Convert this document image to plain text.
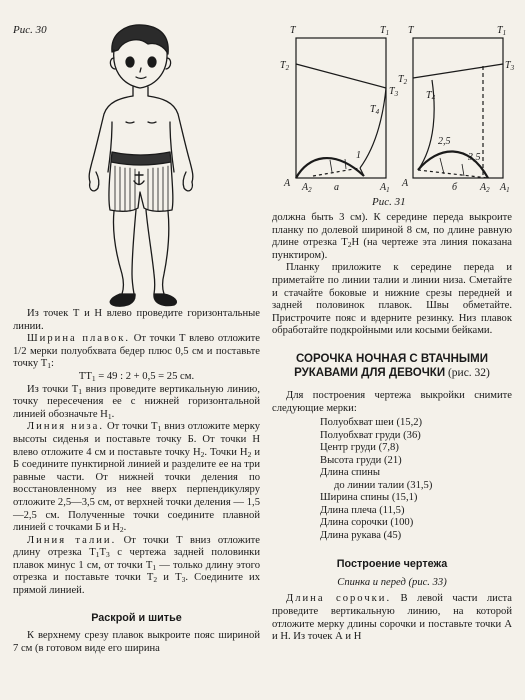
Рис. 30	Т	$Т_1$
$Т_2$
$Т_3$
$Т_4$
А $А_2$ а	$А_1$
1
Т	$Т_1$
$Т_2$
$Т_3$
$Т_4$
2,5
3,5
А	б $А_2$ $А_1$
Рис. 31

Из точек Т и Н влево проведите горизонтальные линии.

Ширина плавок. От точки Т влево отложите 1/2 мерки полуобхвата бедер плюс 0,5 см и поставьте точку $Т_1$:

$ТТ_1 = 49$ : 2 + 0,5 = 25 см.

Из точки $Т_1$ вниз проведите вертикальную линию, точку пересечения ее с нижней горизонтальной линией обозначьте $Н_1$.

Линия низа. От точки $Т_1$ вниз отложите мерку высоты сиденья и поставьте точку Б. От точки Н влево отложите 4 см и поставьте точку $Н_2$. Точки $Н_2$ и Б соедините пунктирной линией и разделите ее на три равные части. От нижней точки деления по восстановленному из нее вверх перпендикуляру отложите 2,5—3,5 см, от верхней точки деления — 1,5—2,5 см. Полученные точки соедините плавной линией с точками Б и $Н_2$.

Линия талии. От точки Т вниз отложите длину отрезка $Т_1Т_3$ с чертежа задней половинки плавок минус 1 см, от точки $Т_1$ — только длину этого отрезка и поставьте точки $Т_2$ и $Т_3$. Соедините их прямой линией.

Раскрой и шитье

К верхнему срезу плавок выкроите пояс шириной 7 см (в готовом виде его ширина

должна быть 3 см). К середине переда выкроите планку по долевой шириной 8 см, по длине равную длине отрезка $Т_2Н$ (на чертеже эта линия показана пунктиром).

Планку приложите к середине переда и приметайте по линии талии и линии низа. Сметайте и стачайте боковые и нижние срезы передней и задней половинок плавок. Швы обметайте. Пристрочите пояс и вдерните резинку. Низ плавок обработайте подкройными или косыми бейками.

СОРОЧКА НОЧНАЯ С ВТАЧНЫМИ РУКАВАМИ ДЛЯ ДЕВОЧКИ (рис. 32)

Для построения чертежа выкройки снимите следующие мерки:

Полуобхват шеи (15,2)
Полуобхват груди (36)
Центр груди (7,8)
Высота груди (21)
Длина спины
до линии талии (31,5)
Ширина спины (15,1)
Длина плеча (11,5)
Длина сорочки (100)
Длина рукава (45)
Построение чертежа
Спинка и перед (рис. 33)

Длина сорочки. В левой части листа проведите вертикальную линию, на которой отложите мерку длины сорочки и поставьте точки А и Н. Из точек А и Н
